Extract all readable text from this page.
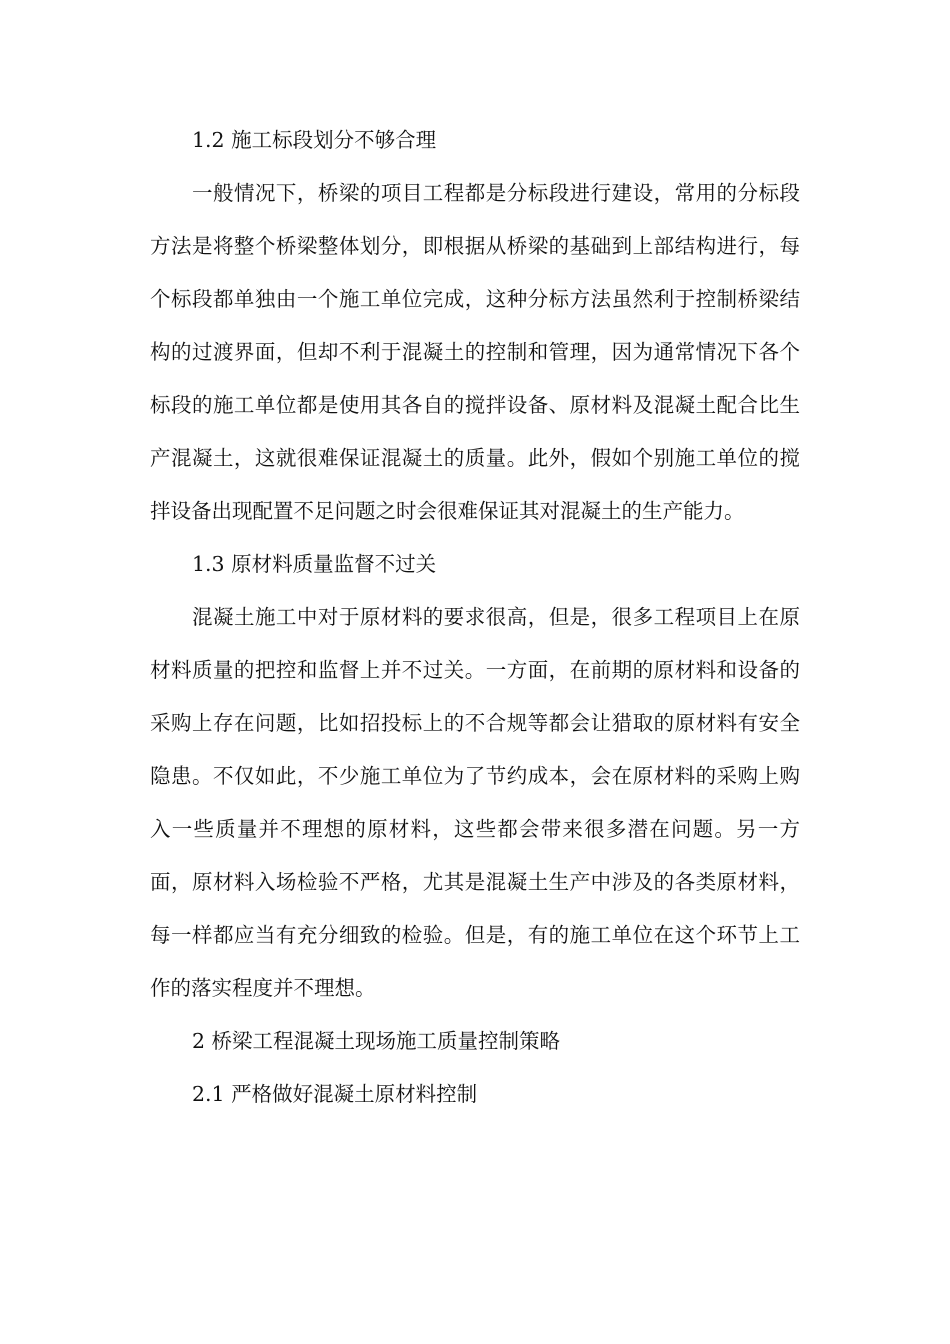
1.2 施工标段划分不够合理

一般情况下，桥梁的项目工程都是分标段进行建设，常用的分标段方法是将整个桥梁整体划分，即根据从桥梁的基础到上部结构进行，每个标段都单独由一个施工单位完成，这种分标方法虽然利于控制桥梁结构的过渡界面，但却不利于混凝土的控制和管理，因为通常情况下各个标段的施工单位都是使用其各自的搅拌设备、原材料及混凝土配合比生产混凝土，这就很难保证混凝土的质量。此外，假如个别施工单位的搅拌设备出现配置不足问题之时会很难保证其对混凝土的生产能力。

1.3 原材料质量监督不过关

混凝土施工中对于原材料的要求很高，但是，很多工程项目上在原材料质量的把控和监督上并不过关。一方面，在前期的原材料和设备的采购上存在问题，比如招投标上的不合规等都会让猎取的原材料有安全隐患。不仅如此，不少施工单位为了节约成本，会在原材料的采购上购入一些质量并不理想的原材料，这些都会带来很多潜在问题。另一方面，原材料入场检验不严格，尤其是混凝土生产中涉及的各类原材料，每一样都应当有充分细致的检验。但是，有的施工单位在这个环节上工作的落实程度并不理想。

2 桥梁工程混凝土现场施工质量控制策略

2.1 严格做好混凝土原材料控制
